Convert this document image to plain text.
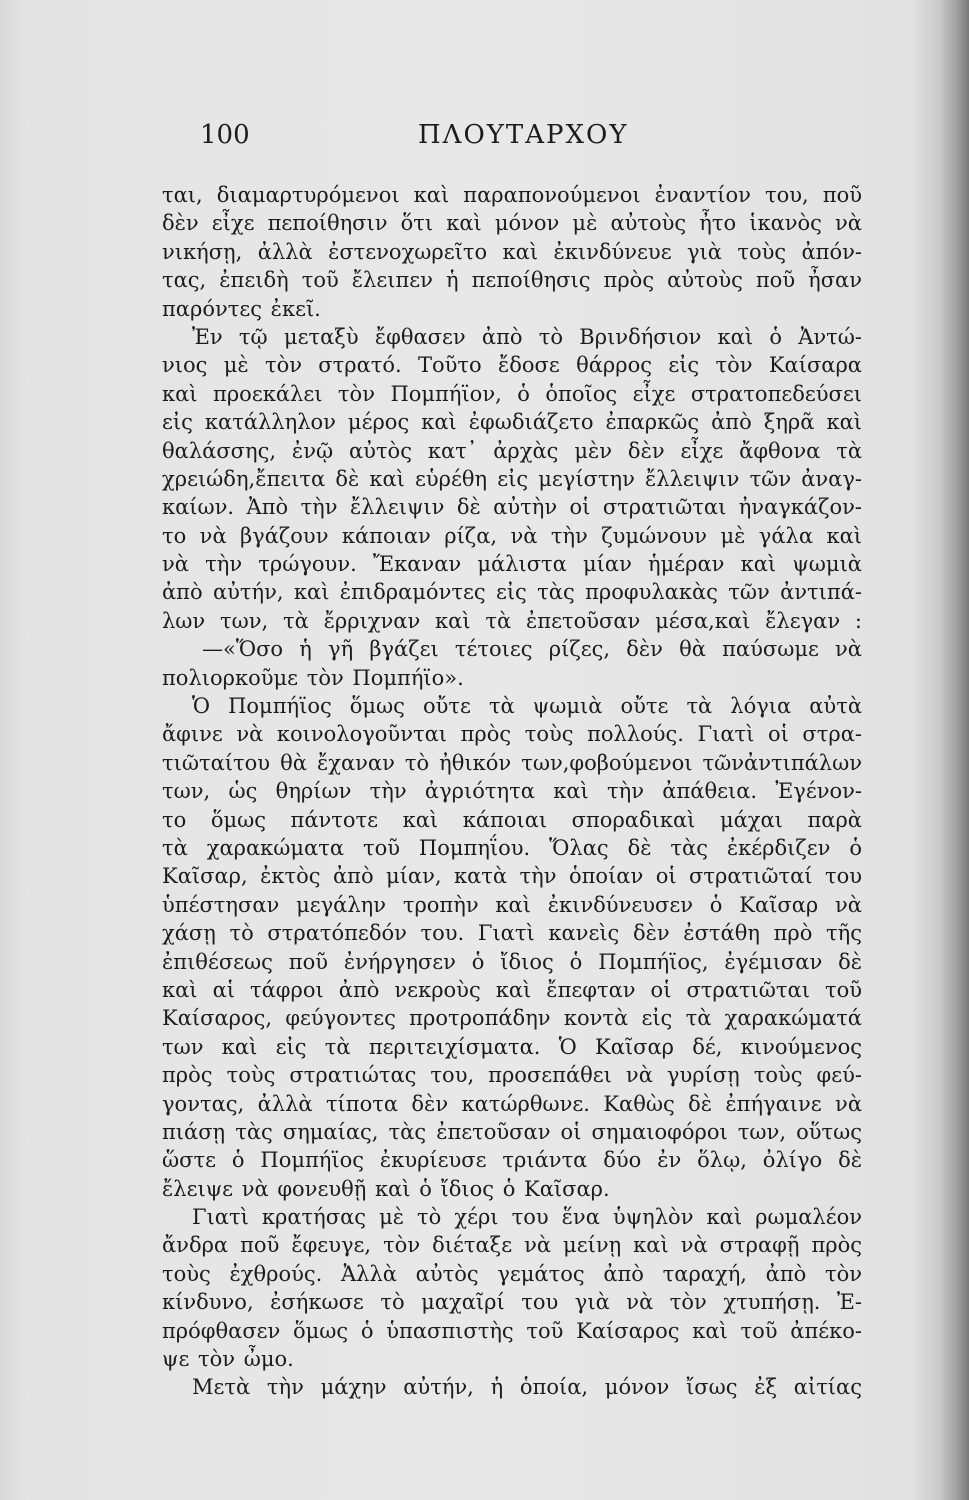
100	ΠΛΟΥΤΑΡΧΟΥ
ται, διαμαρτυρόμενοι καὶ παραπονούμενοι ἐναντίον του, ποῦ
δὲν εἶχε πεποίθησιν ὅτι καὶ μόνον μὲ αὐτοὺς ἦτο ἱκανὸς νὰ
νικήσῃ, ἀλλὰ ἐστενοχωρεῖτο καὶ ἐκινδύνευε γιὰ τοὺς ἀπόν-
τας, ἐπειδὴ τοῦ ἔλειπεν ἡ πεποίθησις πρὸς αὐτοὺς ποῦ ἦσαν
παρόντες ἐκεῖ.
Ἐν τῷ μεταξὺ ἔφθασεν ἀπὸ τὸ Βρινδήσιον καὶ ὁ Ἀντώ-
νιος μὲ τὸν στρατό. Τοῦτο ἔδοσε θάρρος εἰς τὸν Καίσαρα
καὶ προεκάλει τὸν Πομπήϊον, ὁ ὁποῖος εἶχε στρατοπεδεύσει
εἰς κατάλληλον μέρος καὶ ἐφωδιάζετο ἐπαρκῶς ἀπὸ ξηρᾶ καὶ
θαλάσσης, ἐνῷ αὐτὸς κατ᾽ ἀρχὰς μὲν δὲν εἶχε ἄφθονα τὰ
χρειώδη,ἔπειτα δὲ καὶ εὑρέθη εἰς μεγίστην ἔλλειψιν τῶν ἀναγ-
καίων. Ἀπὸ τὴν ἔλλειψιν δὲ αὐτὴν οἱ στρατιῶται ἠναγκάζον-
το νὰ βγάζουν κάποιαν ρίζα, νὰ τὴν ζυμώνουν μὲ γάλα καὶ
νὰ τὴν τρώγουν. Ἔκαναν μάλιστα μίαν ἡμέραν καὶ ψωμιὰ
ἀπὸ αὐτήν, καὶ ἐπιδραμόντες εἰς τὰς προφυλακὰς τῶν ἀντιπά-
λων των, τὰ ἔρριχναν καὶ τὰ ἐπετοῦσαν μέσα,καὶ ἔλεγαν :
—«Ὅσο ἡ γῆ βγάζει τέτοιες ρίζες, δὲν θὰ παύσωμε νὰ
πολιορκοῦμε τὸν Πομπήϊο».
Ὁ Πομπήϊος ὅμως οὔτε τὰ ψωμιὰ οὔτε τὰ λόγια αὐτὰ
ἄφινε νὰ κοινολογοῦνται πρὸς τοὺς πολλούς. Γιατὶ οἱ στρα-
τιῶταίτου θὰ ἔχαναν τὸ ἠθικόν των,φοβούμενοι τῶνἀντιπάλων
των, ὡς θηρίων τὴν ἀγριότητα καὶ τὴν ἀπάθεια. Ἐγένον-
το ὅμως πάντοτε καὶ κάποιαι σποραδικαὶ μάχαι παρὰ
τὰ χαρακώματα τοῦ Πομπηΐου. Ὅλας δὲ τὰς ἐκέρδιζεν ὁ
Καῖσαρ, ἐκτὸς ἀπὸ μίαν, κατὰ τὴν ὁποίαν οἱ στρατιῶταί του
ὑπέστησαν μεγάλην τροπὴν καὶ ἐκινδύνευσεν ὁ Καῖσαρ νὰ
χάσῃ τὸ στρατόπεδόν του. Γιατὶ κανεὶς δὲν ἐστάθη πρὸ τῆς
ἐπιθέσεως ποῦ ἐνήργησεν ὁ ἴδιος ὁ Πομπήϊος, ἐγέμισαν δὲ
καὶ αἱ τάφροι ἀπὸ νεκροὺς καὶ ἔπεφταν οἱ στρατιῶται τοῦ
Καίσαρος, φεύγοντες προτροπάδην κοντὰ εἰς τὰ χαρακώματά
των καὶ εἰς τὰ περιτειχίσματα. Ὁ Καῖσαρ δέ, κινούμενος
πρὸς τοὺς στρατιώτας του, προσεπάθει νὰ γυρίσῃ τοὺς φεύ-
γοντας, ἀλλὰ τίποτα δὲν κατώρθωνε. Καθὼς δὲ ἐπήγαινε νὰ
πιάσῃ τὰς σημαίας, τὰς ἐπετοῦσαν οἱ σημαιοφόροι των, οὕτως
ὥστε ὁ Πομπήϊος ἐκυρίευσε τριάντα δύο ἐν ὅλῳ, ὀλίγο δὲ
ἔλειψε νὰ φονευθῇ καὶ ὁ ἴδιος ὁ Καῖσαρ.
Γιατὶ κρατήσας μὲ τὸ χέρι του ἕνα ὑψηλὸν καὶ ρωμαλέον
ἄνδρα ποῦ ἔφευγε, τὸν διέταξε νὰ μείνῃ καὶ νὰ στραφῇ πρὸς
τοὺς ἐχθρούς. Ἀλλὰ αὐτὸς γεμάτος ἀπὸ ταραχή, ἀπὸ τὸν
κίνδυνο, ἐσήκωσε τὸ μαχαῖρί του γιὰ νὰ τὸν χτυπήσῃ. Ἐ-
πρόφθασεν ὅμως ὁ ὑπασπιστὴς τοῦ Καίσαρος καὶ τοῦ ἀπέκο-
ψε τὸν ὦμο.
Μετὰ τὴν μάχην αὐτήν, ἡ ὁποία, μόνον ἴσως ἐξ αἰτίας
